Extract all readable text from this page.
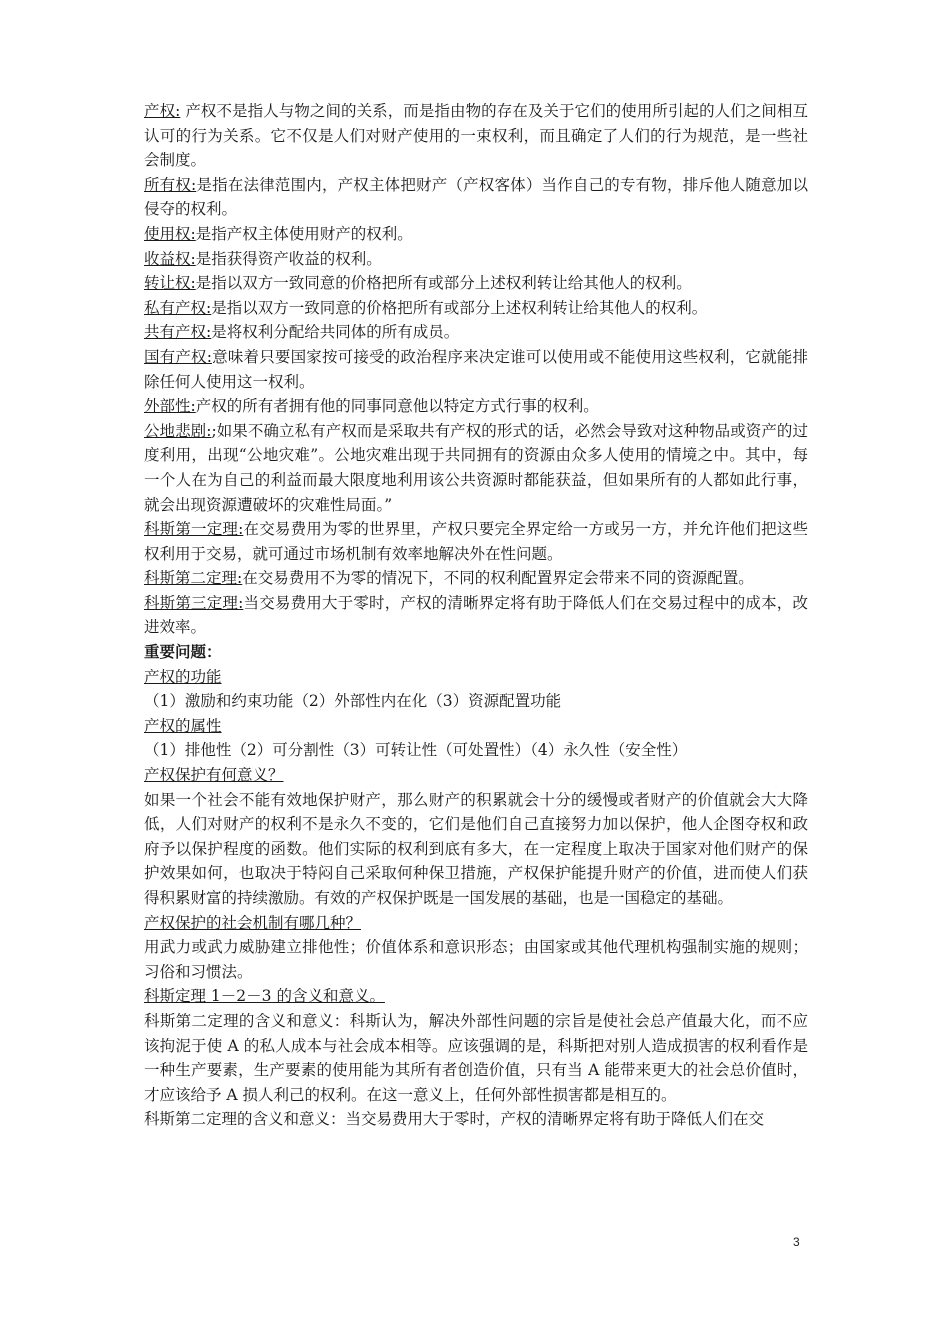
产权: 产权不是指人与物之间的关系，而是指由物的存在及关于它们的使用所引起的人们之间相互认可的行为关系。它不仅是人们对财产使用的一束权利，而且确定了人们的行为规范，是一些社会制度。

所有权:是指在法律范围内，产权主体把财产（产权客体）当作自己的专有物，排斥他人随意加以侵夺的权利。

使用权:是指产权主体使用财产的权利。

收益权:是指获得资产收益的权利。

转让权:是指以双方一致同意的价格把所有或部分上述权利转让给其他人的权利。

私有产权:是指以双方一致同意的价格把所有或部分上述权利转让给其他人的权利。

共有产权:是将权利分配给共同体的所有成员。

国有产权:意味着只要国家按可接受的政治程序来决定谁可以使用或不能使用这些权利，它就能排除任何人使用这一权利。

外部性:产权的所有者拥有他的同事同意他以特定方式行事的权利。

公地悲剧:;如果不确立私有产权而是采取共有产权的形式的话，必然会导致对这种物品或资产的过度利用，出现“公地灾难”。公地灾难出现于共同拥有的资源由众多人使用的情境之中。其中，每一个人在为自己的利益而最大限度地利用该公共资源时都能获益，但如果所有的人都如此行事，就会出现资源遭破坏的灾难性局面。”

科斯第一定理:在交易费用为零的世界里，产权只要完全界定给一方或另一方，并允许他们把这些权利用于交易，就可通过市场机制有效率地解决外在性问题。

科斯第二定理:在交易费用不为零的情况下，不同的权利配置界定会带来不同的资源配置。

科斯第三定理:当交易费用大于零时，产权的清晰界定将有助于降低人们在交易过程中的成本，改进效率。

重要问题：

产权的功能

（1）激励和约束功能（2）外部性内在化（3）资源配置功能

产权的属性

（1）排他性（2）可分割性（3）可转让性（可处置性）（4）永久性（安全性）

产权保护有何意义？

如果一个社会不能有效地保护财产，那么财产的积累就会十分的缓慢或者财产的价值就会大大降低，人们对财产的权利不是永久不变的，它们是他们自己直接努力加以保护，他人企图夺权和政府予以保护程度的函数。他们实际的权利到底有多大，在一定程度上取决于国家对他们财产的保护效果如何，也取决于特闷自己采取何种保卫措施，产权保护能提升财产的价值，进而使人们获得积累财富的持续激励。有效的产权保护既是一国发展的基础，也是一国稳定的基础。

产权保护的社会机制有哪几种？

用武力或武力威胁建立排他性；价值体系和意识形态；由国家或其他代理机构强制实施的规则；习俗和习惯法。

科斯定理 1－2－3 的含义和意义。

科斯第二定理的含义和意义：科斯认为，解决外部性问题的宗旨是使社会总产值最大化，而不应该拘泥于使 A 的私人成本与社会成本相等。应该强调的是，科斯把对别人造成损害的权利看作是一种生产要素，生产要素的使用能为其所有者创造价值，只有当 A 能带来更大的社会总价值时，才应该给予 A 损人利己的权利。在这一意义上，任何外部性损害都是相互的。

科斯第二定理的含义和意义：当交易费用大于零时，产权的清晰界定将有助于降低人们在交

3
